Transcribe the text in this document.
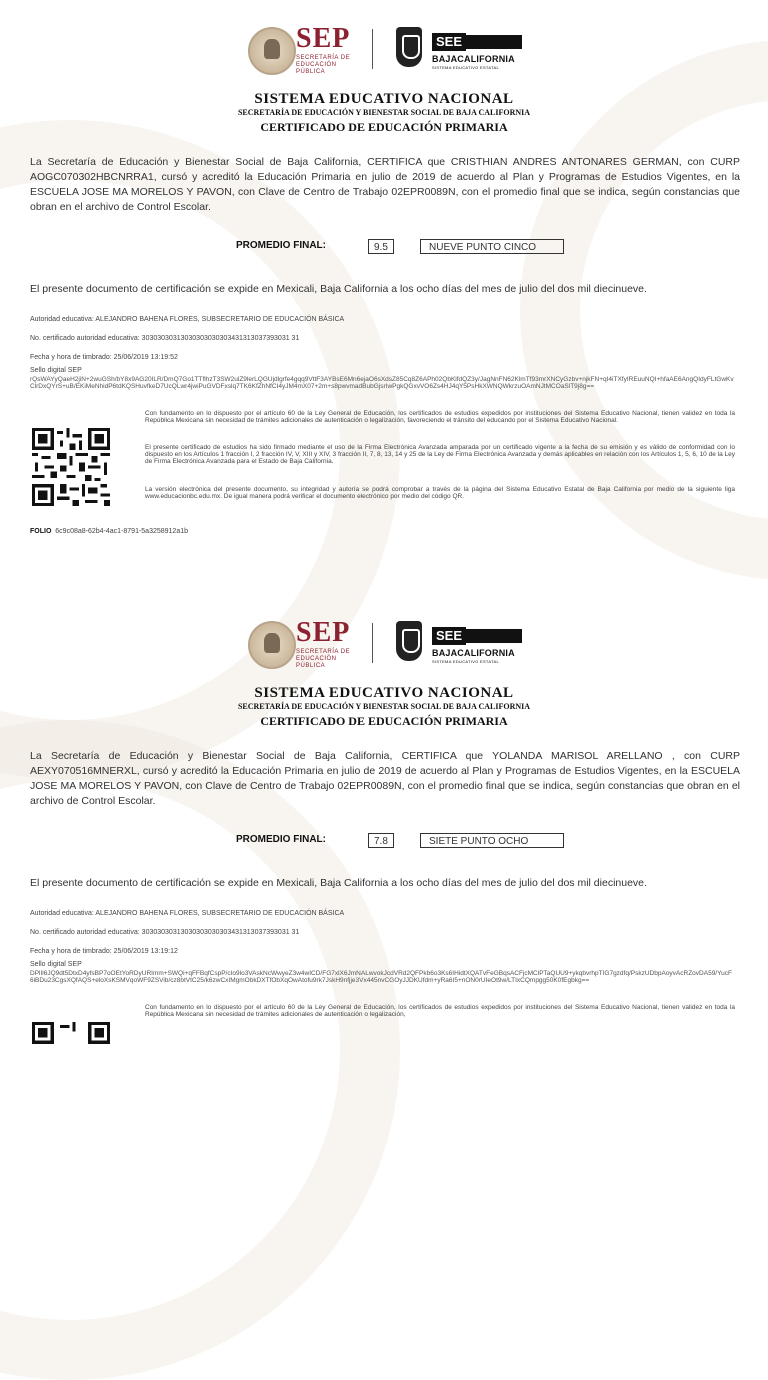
SEP
SECRETARÍA DE EDUCACIÓN PÚBLICA
SEE
BAJACALIFORNIA
SISTEMA EDUCATIVO ESTATAL
SISTEMA EDUCATIVO NACIONAL
SECRETARÍA DE EDUCACIÓN Y BIENESTAR SOCIAL DE BAJA CALIFORNIA
CERTIFICADO DE EDUCACIÓN PRIMARIA
La Secretaría de Educación y Bienestar Social de Baja California, CERTIFICA que CRISTHIAN ANDRES ANTONARES GERMAN, con CURP AOGC070302HBCNRRA1, cursó y acreditó la Educación Primaria en julio de 2019 de acuerdo al Plan y Programas de Estudios Vigentes, en la ESCUELA JOSE MA MORELOS Y PAVON, con Clave de Centro de Trabajo 02EPR0089N, con el promedio final que se indica, según constancias que obran en el archivo de Control Escolar.
PROMEDIO FINAL:	9.5	NUEVE PUNTO CINCO
El presente documento de certificación se expide en Mexicali, Baja California a los ocho días del mes de julio del dos mil diecinueve.
Autoridad educativa: ALEJANDRO BAHENA FLORES, SUBSECRETARIO DE EDUCACIÓN BÁSICA
No. certificado autoridad educativa: 30303030313030303030303431313037393031 31
Fecha y hora de timbrado: 25/06/2019 13:19:52
Sello digital SEP
rQsWAYyQaeH2jiN+2wuGSh/bY8x9AG20ILR/DmQ7Go1TTflhzT3SW2ulZ9lerLQGUjdlgrfe4gqq9VttF3AYBsE6Mn6ejaO6sXdsZ85Cq8Z6APh02QbKlfdQZ3y/JagNnFN62KlmTf93mrXNCyGzbv+njkFN+qI4iTXfyIREuuNQI+hfaAE6AngQIdyFLtGwKvClrDxQYrS+uB/EKiMeNhidP6tdKQSHuvfkeD7UcQLwr4jwiPuGVDFxslq7TK6KfZhNfCI4yJM4mX07+2m+s8pwvmadBubGjsrIwPgkQGxvVO6Zs4HJ4qY5PsHkXWNQWkrzuOAmNJtMCOaSlT9j8g==
Con fundamento en lo dispuesto por el artículo 60 de la Ley General de Educación, los certificados de estudios expedidos por instituciones del Sistema Educativo Nacional, tienen validez en toda la República Mexicana sin necesidad de trámites adicionales de autenticación o legalización, favoreciendo el tránsito del educando por el Sistema Educativo Nacional.
El presente certificado de estudios ha sido firmado mediante el uso de la Firma Electrónica Avanzada amparada por un certificado vigente a la fecha de su emisión y es válido de conformidad con lo dispuesto en los Artículos 1 fracción I, 2 fracción IV, V, XIII y XIV, 3 fracción II, 7, 8, 13, 14 y 25 de la Ley de Firma Electrónica Avanzada y demás aplicables en relación con los Artículos 1, 5, 6, 10 de la Ley de Firma Electrónica Avanzada para el Estado de Baja California.
La versión electrónica del presente documento, su integridad y autoría se podrá comprobar a través de la página del Sistema Educativo Estatal de Baja California por medio de la siguiente liga www.educacionbc.edu.mx. De igual manera podrá verificar el documento electrónico por medio del código QR.
FOLIO 6c9c08a8-62b4-4ac1-8791-5a3258912a1b
SEP
SECRETARÍA DE EDUCACIÓN PÚBLICA
SEE
BAJACALIFORNIA
SISTEMA EDUCATIVO ESTATAL
SISTEMA EDUCATIVO NACIONAL
SECRETARÍA DE EDUCACIÓN Y BIENESTAR SOCIAL DE BAJA CALIFORNIA
CERTIFICADO DE EDUCACIÓN PRIMARIA
La Secretaría de Educación y Bienestar Social de Baja California, CERTIFICA que YOLANDA MARISOL ARELLANO , con CURP AEXY070516MNERXL, cursó y acreditó la Educación Primaria en julio de 2019 de acuerdo al Plan y Programas de Estudios Vigentes, en la ESCUELA JOSE MA MORELOS Y PAVON, con Clave de Centro de Trabajo 02EPR0089N, con el promedio final que se indica, según constancias que obran en el archivo de Control Escolar.
PROMEDIO FINAL:	7.8	SIETE PUNTO OCHO
El presente documento de certificación se expide en Mexicali, Baja California a los ocho días del mes de julio del dos mil diecinueve.
Autoridad educativa: ALEJANDRO BAHENA FLORES, SUBSECRETARIO DE EDUCACIÓN BÁSICA
No. certificado autoridad educativa: 30303030313030303030303431313037393031 31
Fecha y hora de timbrado: 25/06/2019 13:19:12
Sello digital SEP
DPlIl6JQ9dt5DtxD4yfsBP7oOEtYoRDyURImm+SWQi+qFFBqfCspP/cIo9lo3VAskNcWwyeZ3w4wICD/FG7xlX6JmNALwvokJcdVRd2QFPkb6o3Ks6IHidtXQATvFeGBqsACFjcMClPTaQUU9+ykqbvrhpTIG7gzdfq/PskzUDbpAoyvAcRZovDA59/YucF6iBDu23CgsXQfAQS+eloXsKSMVqoWF9ZSVib/cz8btVtC25/k6zwCxIMgmObkDXTfObXqOwAtofu9rk7JskH9nfjje3Vx445nvCGOyJJDKUfdm+yRa6I5+nON0rUIeOt9w/LTIxCQmpgg50K0fEgbkg==
Con fundamento en lo dispuesto por el artículo 60 de la Ley General de Educación, los certificados de estudios expedidos por instituciones del Sistema Educativo Nacional, tienen validez en toda la República Mexicana sin necesidad de trámites adicionales de autenticación o legalización,
